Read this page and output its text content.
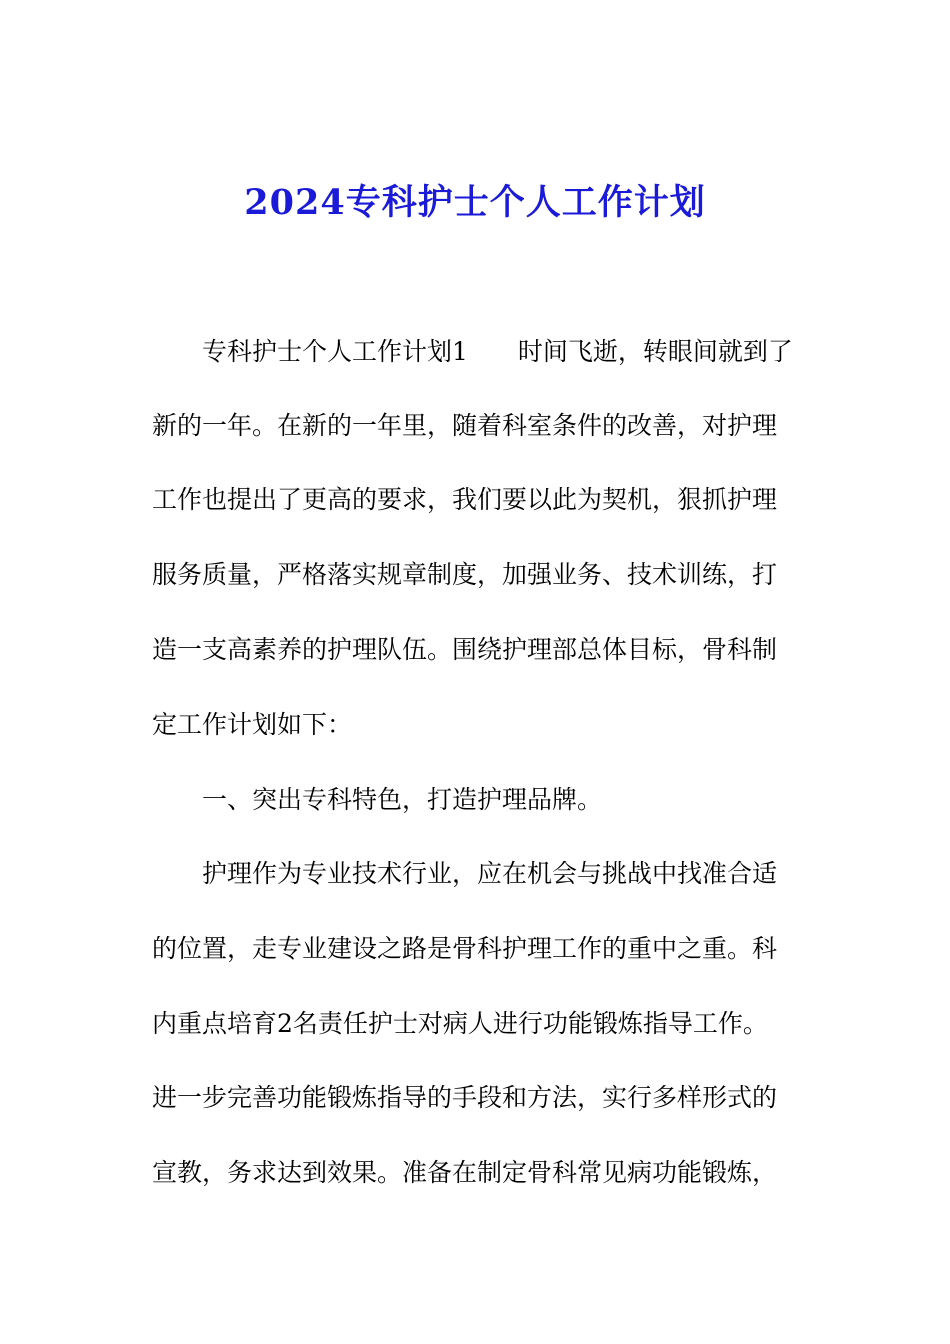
2024专科护士个人工作计划

专科护士个人工作计划1　　时间飞逝，转眼间就到了

新的一年。在新的一年里，随着科室条件的改善，对护理

工作也提出了更高的要求，我们要以此为契机，狠抓护理

服务质量，严格落实规章制度，加强业务、技术训练，打

造一支高素养的护理队伍。围绕护理部总体目标，骨科制

定工作计划如下：

一、突出专科特色，打造护理品牌。

护理作为专业技术行业，应在机会与挑战中找准合适

的位置，走专业建设之路是骨科护理工作的重中之重。科

内重点培育2名责任护士对病人进行功能锻炼指导工作。

进一步完善功能锻炼指导的手段和方法，实行多样形式的

宣教，务求达到效果。准备在制定骨科常见病功能锻炼，
